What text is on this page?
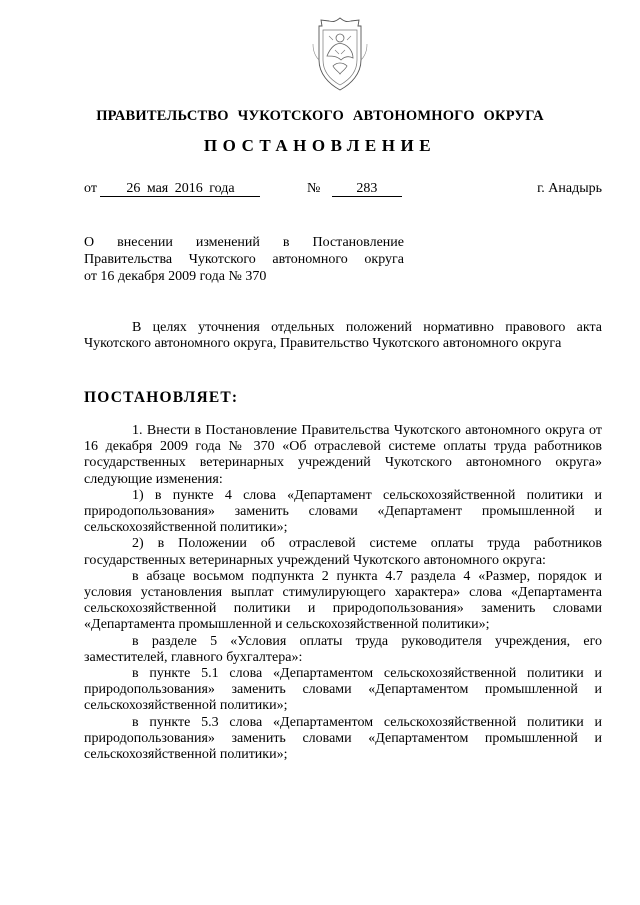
ПРАВИТЕЛЬСТВО ЧУКОТСКОГО АВТОНОМНОГО ОКРУГА
ПОСТАНОВЛЕНИЕ
от 26 мая 2016 года	№	283	г. Анадырь

О внесении изменений в Постановление

Правительства Чукотского автономного округа

от 16 декабря 2009 года № 370

В целях уточнения отдельных положений нормативно правового акта Чукотского автономного округа, Правительство Чукотского автономного округа

ПОСТАНОВЛЯЕТ:

1. Внести в Постановление Правительства Чукотского автономного округа от 16 декабря 2009 года № 370 «Об отраслевой системе оплаты труда работников государственных ветеринарных учреждений Чукотского автономного округа» следующие изменения:

1) в пункте 4 слова «Департамент сельскохозяйственной политики и природопользования» заменить словами «Департамент промышленной и сельскохозяйственной политики»;

2) в Положении об отраслевой системе оплаты труда работников государственных ветеринарных учреждений Чукотского автономного округа:

в абзаце восьмом подпункта 2 пункта 4.7 раздела 4 «Размер, порядок и условия установления выплат стимулирующего характера» слова «Департамента сельскохозяйственной политики и природопользования» заменить словами «Департамента промышленной и сельскохозяйственной политики»;

в разделе 5 «Условия оплаты труда руководителя учреждения, его заместителей, главного бухгалтера»:

в пункте 5.1 слова «Департаментом сельскохозяйственной политики и природопользования» заменить словами «Департаментом промышленной и сельскохозяйственной политики»;

в пункте 5.3 слова «Департаментом сельскохозяйственной политики и природопользования» заменить словами «Департаментом промышленной и сельскохозяйственной политики»;
